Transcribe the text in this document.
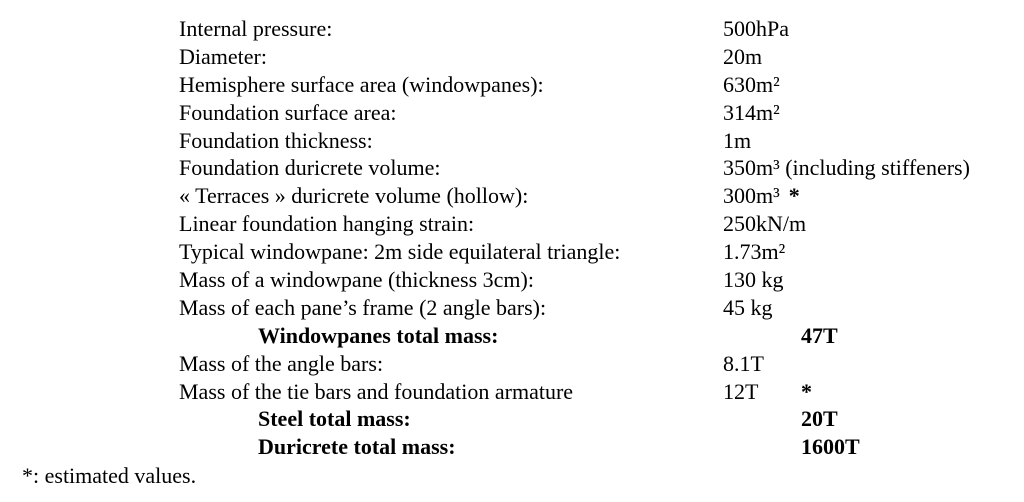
Internal pressure:	500hPa
Diameter:	20m
Hemisphere surface area (windowpanes):	630m²
Foundation surface area:	314m²
Foundation thickness:	1m
Foundation duricrete volume:	350m³ (including stiffeners)
« Terraces » duricrete volume (hollow):	300m³ *
Linear foundation hanging strain:	250kN/m
Typical windowpane: 2m side equilateral triangle:	1.73m²
Mass of a windowpane (thickness 3cm):	130 kg
Mass of each pane’s frame (2 angle bars):	45 kg
Windowpanes total mass:	47T
Mass of the angle bars:	8.1T
Mass of the tie bars and foundation armature	12T *
Steel total mass:	20T
Duricrete total mass:	1600T
*: estimated values.
